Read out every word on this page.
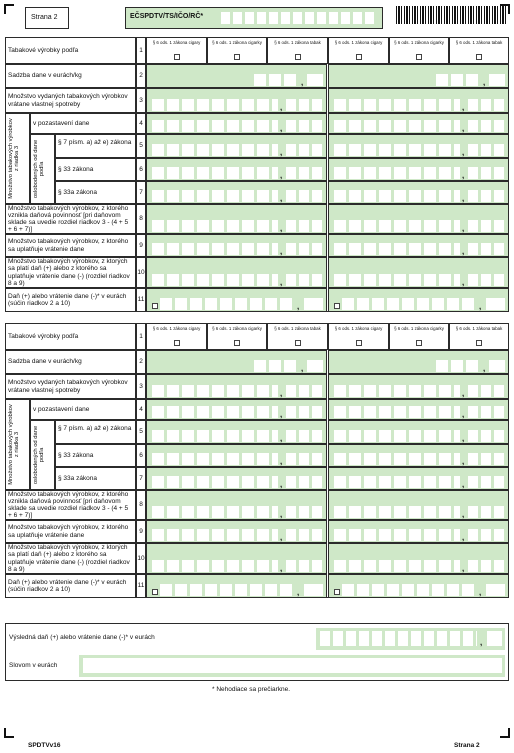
Strana 2	EČSPDTV/TS/IČO/RČ*
Výsledná daň (+) alebo vrátenie dane (-)* v eurách
,
Slovom v eurách
* Nehodiace sa prečiarkne.
SPDTVv16	Strana 2
1
Tabakové výrobky podľa
§ 6 ods. 1 zákona cigary	§ 6 ods. 1 zákona cigarky	§ 6 ods. 1 zákona tabak	§ 6 ods. 1 zákona cigary	§ 6 ods. 1 zákona cigarky	§ 6 ods. 1 zákona tabak
2
Sadzba dane v eurách/kg
,	,
3
Množstvo vydaných tabakových výrobkov vrátane vlastnej spotreby	,	,
4
v pozastavení dane
,	,
5
§ 7 písm. a) až e) zákona
,	,
6
§ 33 zákona
,	,
7
§ 33a zákona
,	,
8
Množstvo tabakových výrobkov, z ktorého vznikla daňová povinnosť [pri daňovom sklade sa uvedie rozdiel riadkov 3 - (4 + 5 + 6 + 7)]	,	,
9
Množstvo tabakových výrobkov, z ktorého sa uplatňuje vrátenie dane	,	,
10
Množstvo tabakových výrobkov, z ktorých sa platí daň (+) alebo z ktorého sa uplatňuje vrátenie dane (-) (rozdiel riadkov 8 a 9)	,	,
11
Daň (+) alebo vrátenie dane (-)* v eurách (súčin riadkov 2 a 10)	,	,
Množstvo tabakových výrobkov z riadka 3 oslobodených od dane podľa
1
Tabakové výrobky podľa
§ 6 ods. 1 zákona cigary	§ 6 ods. 1 zákona cigarky	§ 6 ods. 1 zákona tabak	§ 6 ods. 1 zákona cigary	§ 6 ods. 1 zákona cigarky	§ 6 ods. 1 zákona tabak
2
Sadzba dane v eurách/kg
,	,
3
Množstvo vydaných tabakových výrobkov vrátane vlastnej spotreby	,	,
4
v pozastavení dane
,	,
5
§ 7 písm. a) až e) zákona
,	,
6
§ 33 zákona
,	,
7
§ 33a zákona
,	,
8
Množstvo tabakových výrobkov, z ktorého vznikla daňová povinnosť [pri daňovom sklade sa uvedie rozdiel riadkov 3 - (4 + 5 + 6 + 7)]	,	,
9
Množstvo tabakových výrobkov, z ktorého sa uplatňuje vrátenie dane	,	,
10
Množstvo tabakových výrobkov, z ktorých sa platí daň (+) alebo z ktorého sa uplatňuje vrátenie dane (-) (rozdiel riadkov 8 a 9)	,	,
11
Daň (+) alebo vrátenie dane (-)* v eurách (súčin riadkov 2 a 10)	,	,
Množstvo tabakových výrobkov z riadka 3 oslobodených od dane podľa
